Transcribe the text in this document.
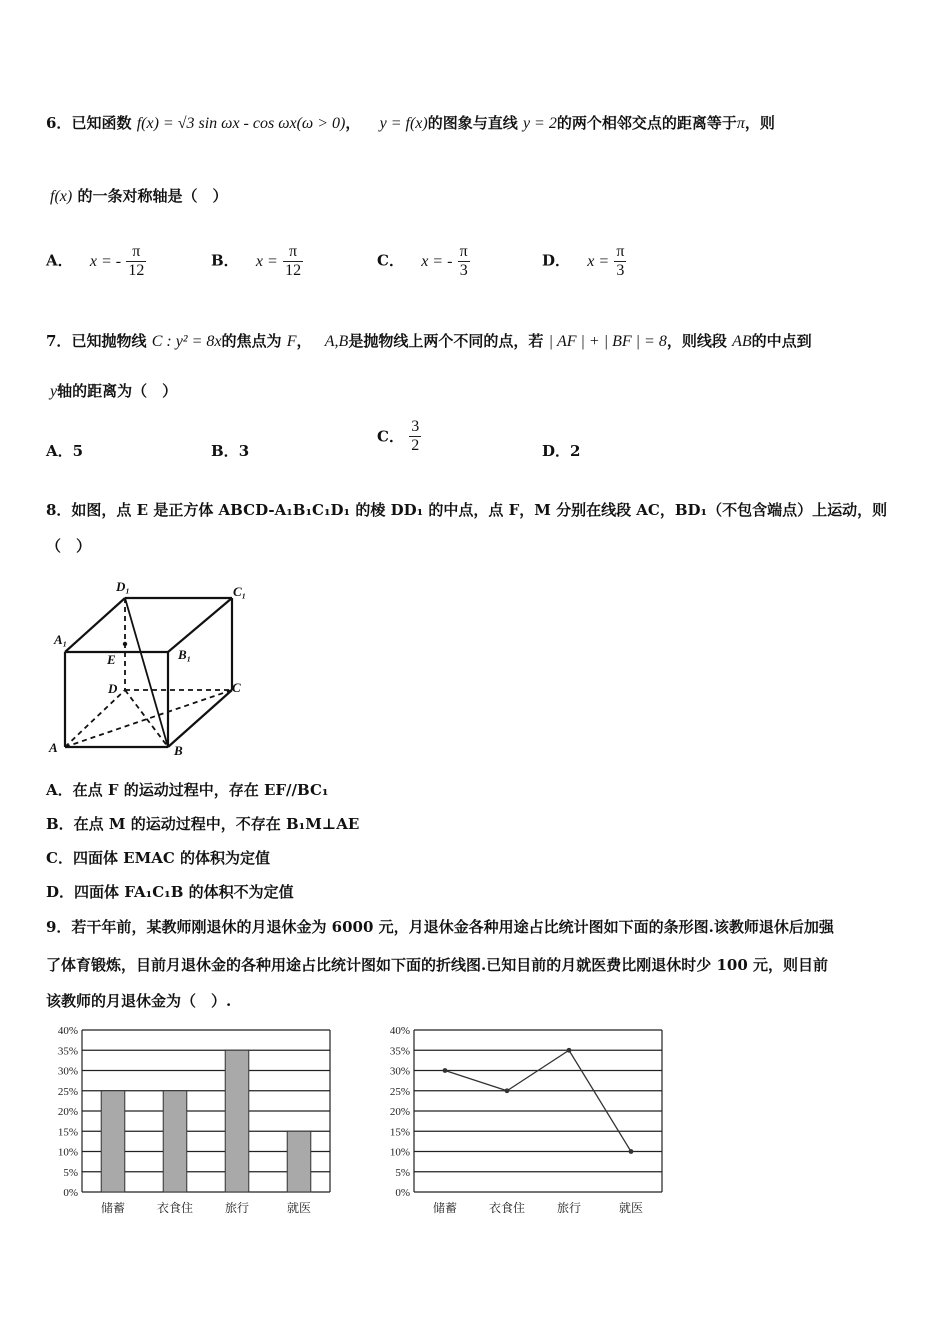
6．已知函数 f(x) = √3 sin ωx - cos ωx(ω > 0)， y = f(x)的图象与直线 y = 2的两个相邻交点的距离等于π，则
f(x) 的一条对称轴是（　）
A． x = - $\frac{\pi}{12}$	B． $x = \frac{\pi}{12}$	C． x = - $\frac{\pi}{3}$	D． $x = \frac{\pi}{3}$
7．已知抛物线 C : y² = 8x的焦点为 F， A,B是抛物线上两个不同的点，若 | AF | + | BF | = 8，则线段 AB的中点到
y轴的距离为（　）
A．5	B．3
C． $\frac{3}{2}$	D．2
8．如图，点 E 是正方体 ABCD-A₁B₁C₁D₁ 的棱 DD₁ 的中点，点 F，M 分别在线段 AC，BD₁（不包含端点）上运动，则
（　）
D₁	C₁
A₁
B₁
E
D	C
A	B
A．在点 F 的运动过程中，存在 EF//BC₁
B．在点 M 的运动过程中，不存在 B₁M⊥AE
C．四面体 EMAC 的体积为定值
D．四面体 FA₁C₁B 的体积不为定值
9．若干年前，某教师刚退休的月退休金为 6000 元，月退休金各种用途占比统计图如下面的条形图.该教师退休后加强
了体育锻炼，目前月退休金的各种用途占比统计图如下面的折线图.已知目前的月就医费比刚退休时少 100 元，则目前
该教师的月退休金为（　）.
0%
5%
10%
15%
20%
25%
30%
35%
40%
储蓄	衣食住	旅行	就医
0%
5%
10%
15%
20%
25%
30%
35%
40%
储蓄	衣食住	旅行	就医
